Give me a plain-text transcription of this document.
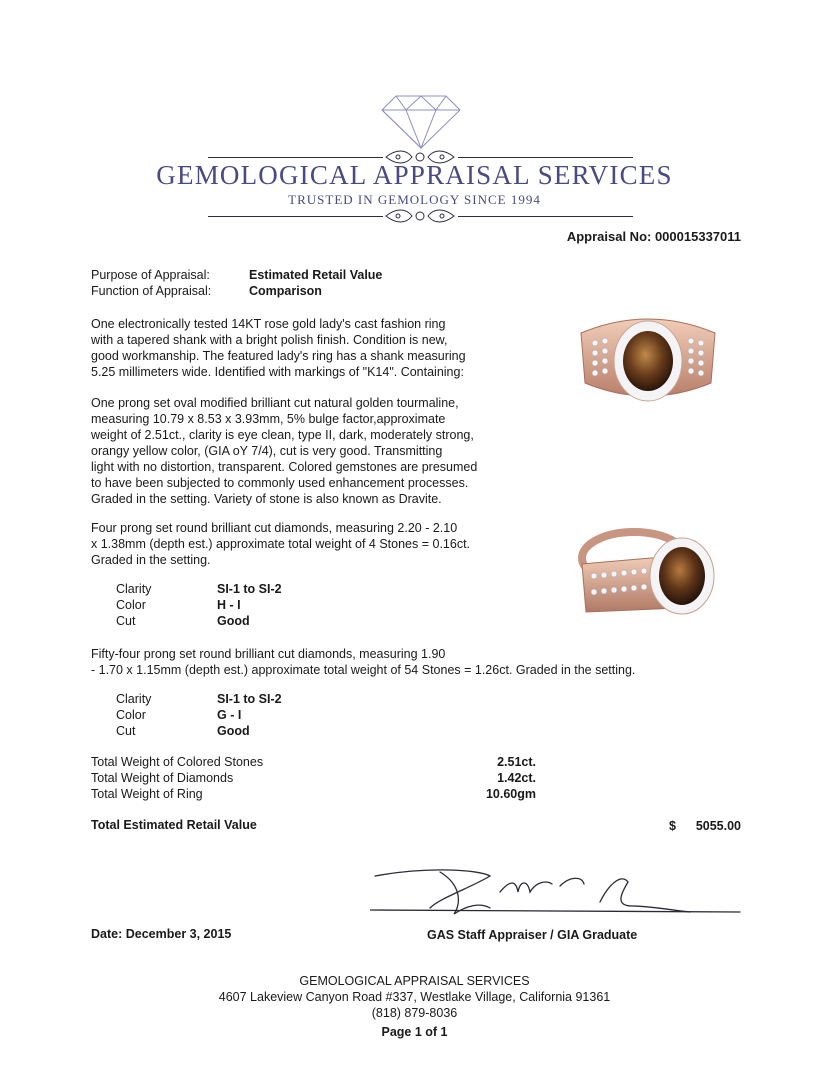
GEMOLOGICAL APPRAISAL SERVICES
TRUSTED IN GEMOLOGY SINCE 1994
Appraisal No: 000015337011
Purpose of Appraisal:	Estimated Retail Value
Function of Appraisal:	Comparison
One electronically tested 14KT rose gold lady's cast fashion ring
with a tapered shank with a bright polish finish. Condition is new,
good workmanship. The featured lady's ring has a shank measuring
5.25 millimeters wide. Identified with markings of "K14". Containing:
One prong set oval modified brilliant cut natural golden tourmaline,
measuring 10.79 x 8.53 x 3.93mm, 5% bulge factor,approximate
weight of 2.51ct., clarity is eye clean, type II, dark, moderately strong,
orangy yellow color, (GIA oY 7/4), cut is very good. Transmitting
light with no distortion, transparent. Colored gemstones are presumed
to have been subjected to commonly used enhancement processes.
Graded in the setting. Variety of stone is also known as Dravite.
Four prong set round brilliant cut diamonds, measuring 2.20 - 2.10
x 1.38mm (depth est.) approximate total weight of 4 Stones = 0.16ct.
Graded in the setting.
Clarity	SI-1 to SI-2
Color	H - I
Cut	Good
Fifty-four prong set round brilliant cut diamonds, measuring 1.90
- 1.70 x 1.15mm (depth est.) approximate total weight of 54 Stones = 1.26ct. Graded in the setting.
Clarity	SI-1 to SI-2
Color	G - I
Cut	Good
Total Weight of Colored Stones	2.51ct.
Total Weight of Diamonds	1.42ct.
Total Weight of Ring	10.60gm
Total Estimated Retail Value	$ 5055.00
Date: December 3, 2015	GAS Staff Appraiser / GIA Graduate
GEMOLOGICAL APPRAISAL SERVICES
4607 Lakeview Canyon Road #337, Westlake Village, California 91361
(818) 879-8036
Page 1 of 1
